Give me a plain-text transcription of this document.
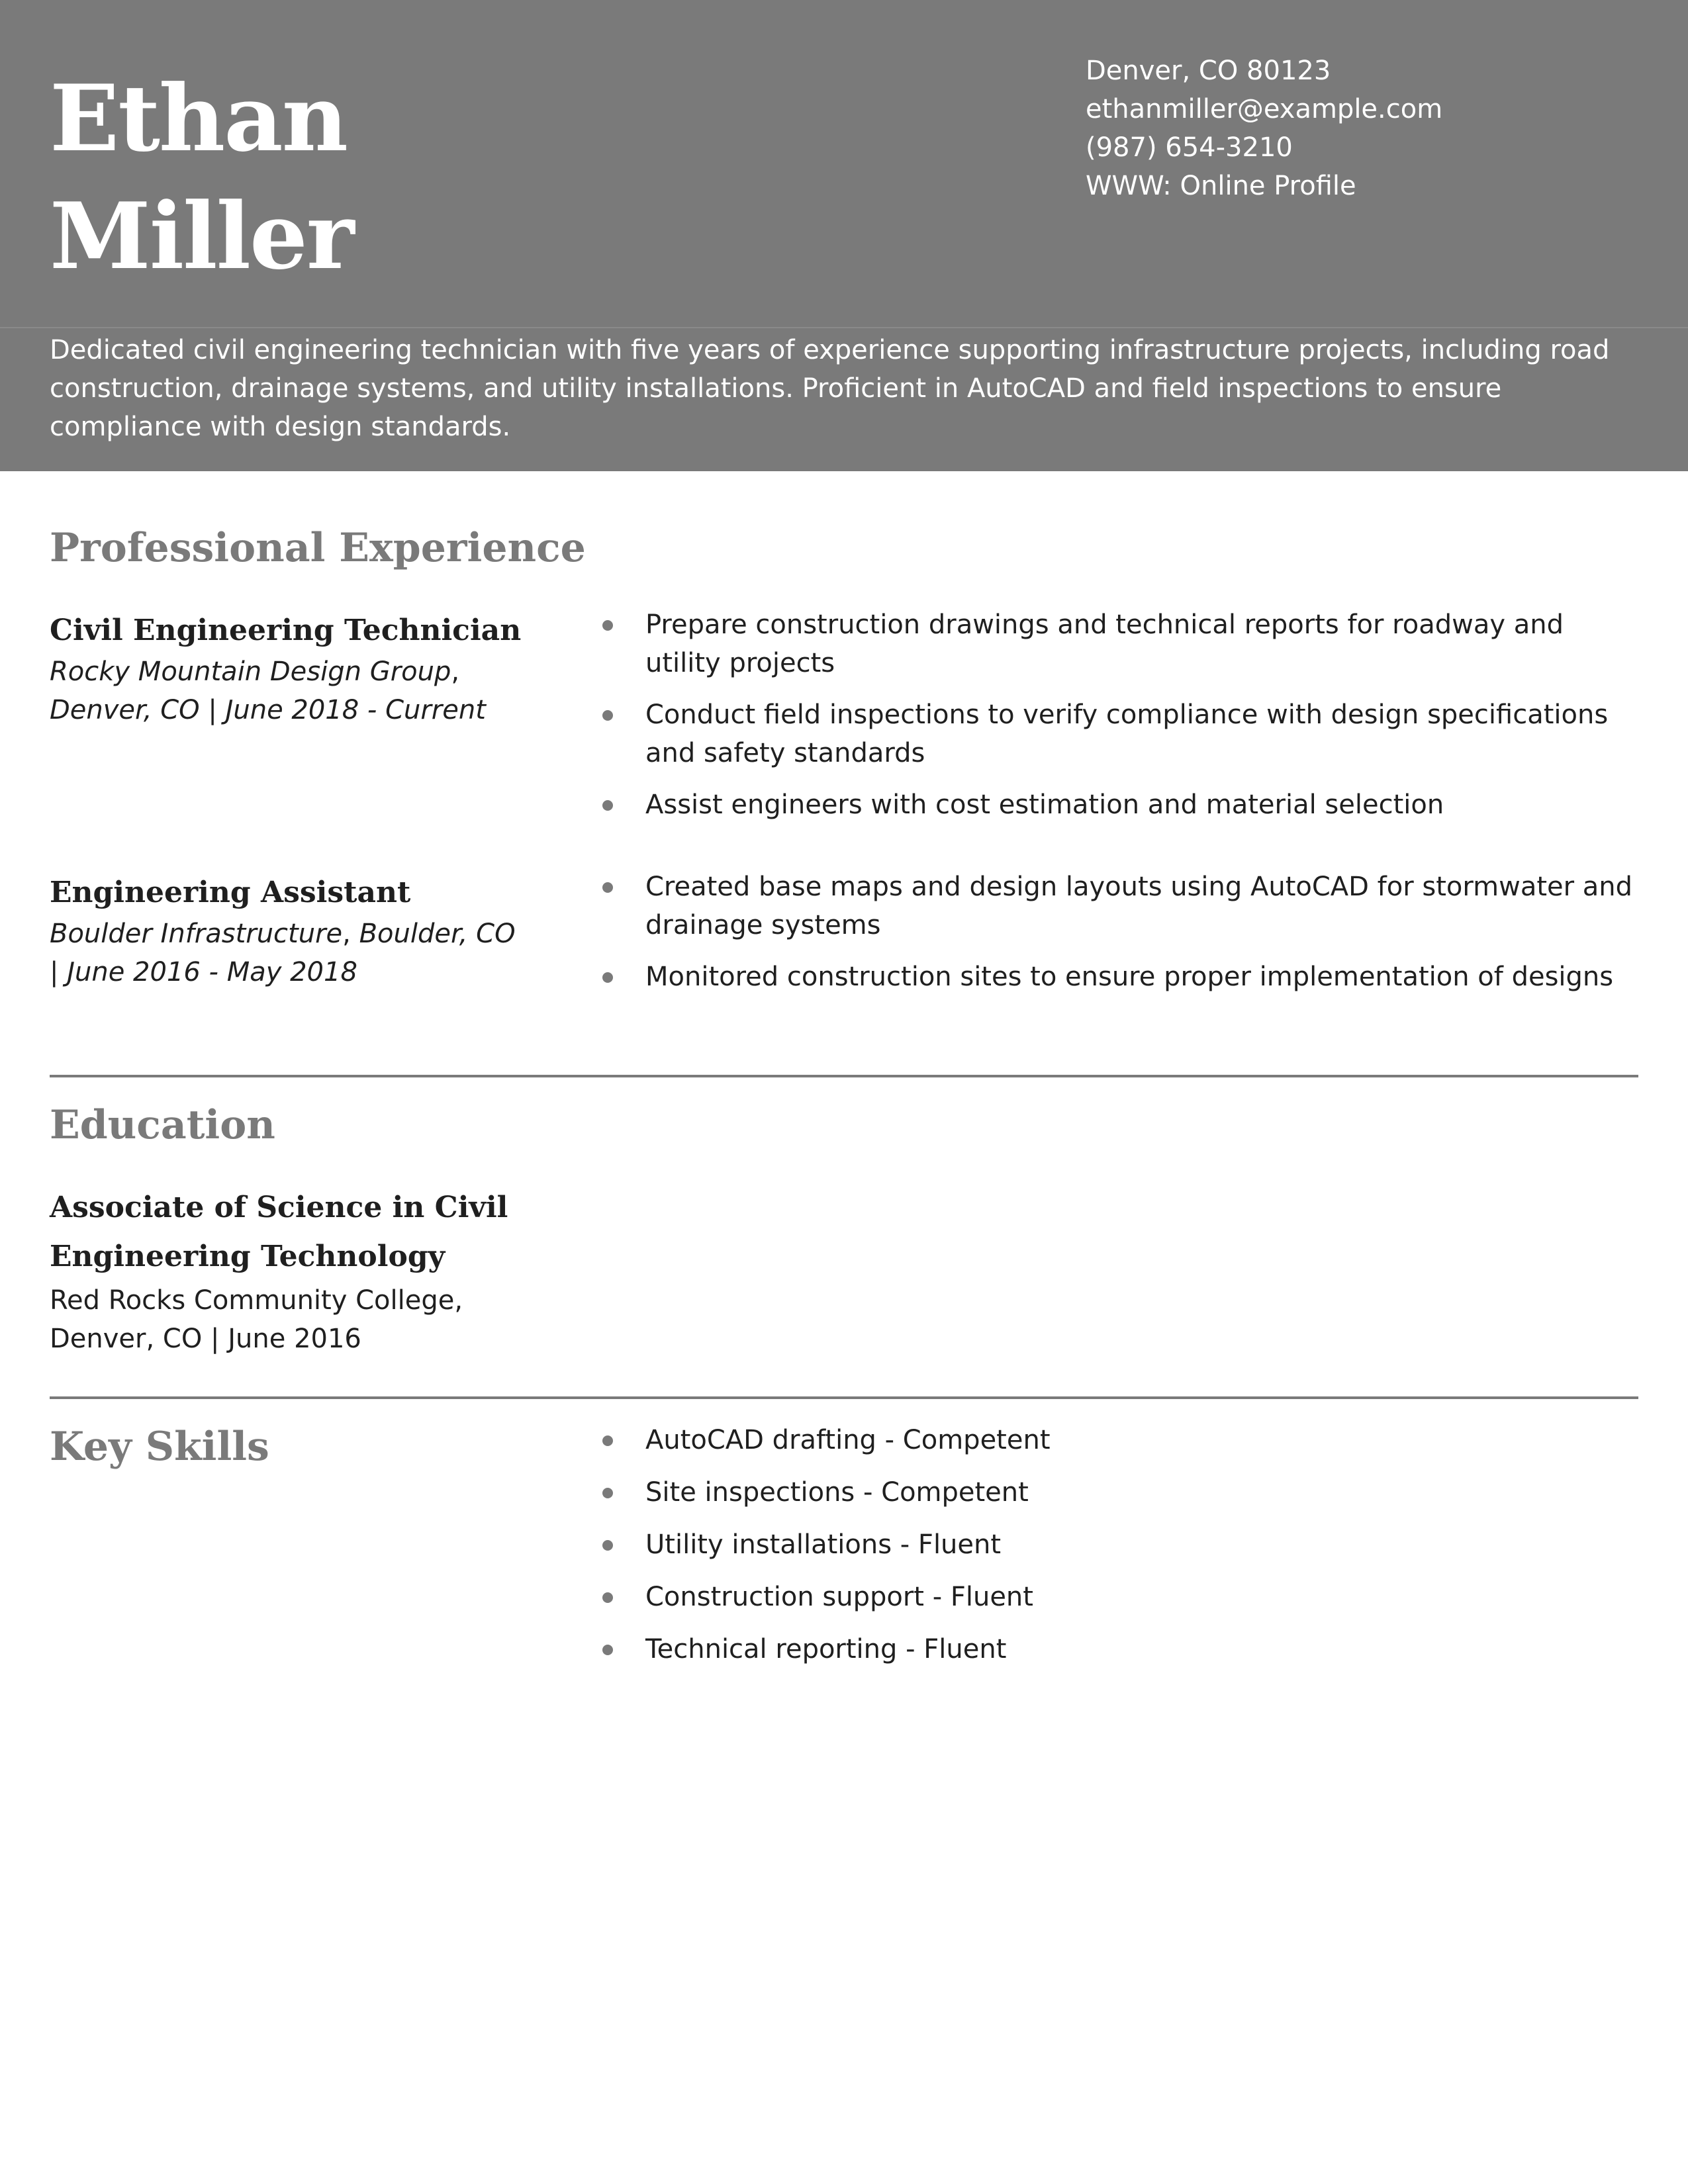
Ethan
Miller
Denver, CO 80123
ethanmiller@example.com
(987) 654-3210
WWW: Online Profile
Dedicated civil engineering technician with five years of experience supporting infrastructure projects, including road construction, drainage systems, and utility installations. Proficient in AutoCAD and field inspections to ensure compliance with design standards.
Professional Experience
Civil Engineering Technician
Rocky Mountain Design Group,
Denver, CO | June 2018 - Current
Prepare construction drawings and technical reports for roadway and utility projects
Conduct field inspections to verify compliance with design specifications and safety standards
Assist engineers with cost estimation and material selection
Engineering Assistant
Boulder Infrastructure, Boulder, CO
| June 2016 - May 2018
Created base maps and design layouts using AutoCAD for stormwater and drainage systems
Monitored construction sites to ensure proper implementation of designs
Education
Associate of Science in Civil Engineering Technology
Red Rocks Community College,
Denver, CO | June 2016
Key Skills	AutoCAD drafting - Competent
Site inspections - Competent
Utility installations - Fluent
Construction support - Fluent
Technical reporting - Fluent
